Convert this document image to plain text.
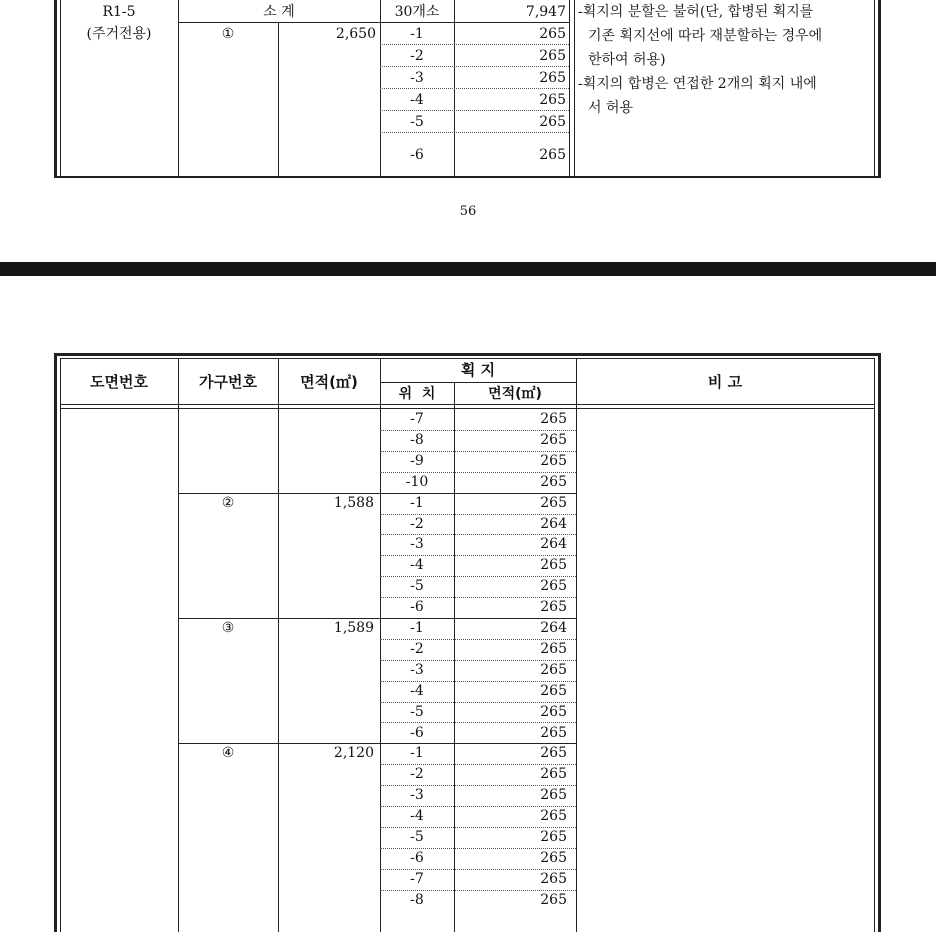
R1-5
(주거전용)
소 계	30개소	7,947
①	2,650	-1	265
-2	265
-3	265
-4	265
-5	265
-6	265
-획지의 분할은 불허(단, 합병된 획지를
기존 획지선에 따라 재분할하는 경우에
한하여 허용)
-획지의 합병은 연접한 2개의 획지 내에
서 허용
56
도면번호	가구번호	면적(㎡)
획 지
위  치	면적(㎡)
비 고
-7	265
-8	265
-9	265
-10	265
②	1,588	-1	265
-2	264
-3	264
-4	265
-5	265
-6	265
③	1,589	-1	264
-2	265
-3	265
-4	265
-5	265
-6	265
④	2,120	-1	265
-2	265
-3	265
-4	265
-5	265
-6	265
-7	265
-8	265
